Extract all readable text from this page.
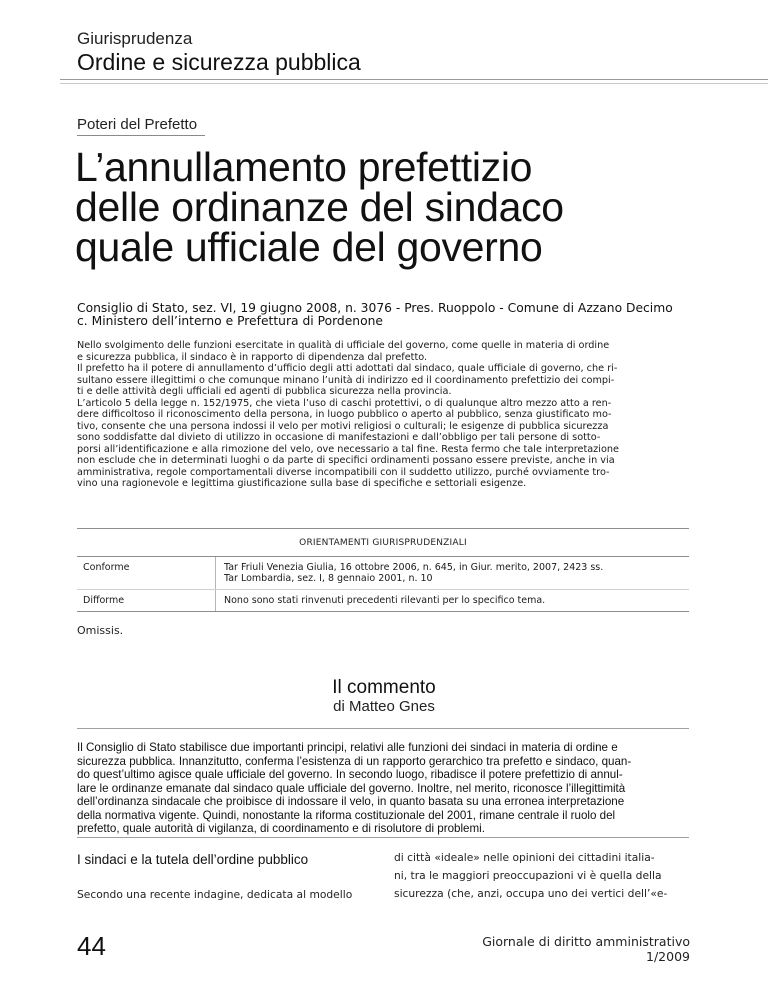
Giurisprudenza
Ordine e sicurezza pubblica
Poteri del Prefetto
L’annullamento prefettizio
delle ordinanze del sindaco
quale ufficiale del governo
Consiglio di Stato, sez. VI, 19 giugno 2008, n. 3076 - Pres. Ruoppolo - Comune di Azzano Decimo
c. Ministero dell’interno e Prefettura di Pordenone
Nello svolgimento delle funzioni esercitate in qualità di ufficiale del governo, come quelle in materia di ordine
e sicurezza pubblica, il sindaco è in rapporto di dipendenza dal prefetto.
Il prefetto ha il potere di annullamento d’ufficio degli atti adottati dal sindaco, quale ufficiale di governo, che ri-
sultano essere illegittimi o che comunque minano l’unità di indirizzo ed il coordinamento prefettizio dei compi-
ti e delle attività degli ufficiali ed agenti di pubblica sicurezza nella provincia.
L’articolo 5 della legge n. 152/1975, che vieta l’uso di caschi protettivi, o di qualunque altro mezzo atto a ren-
dere difficoltoso il riconoscimento della persona, in luogo pubblico o aperto al pubblico, senza giustificato mo-
tivo, consente che una persona indossi il velo per motivi religiosi o culturali; le esigenze di pubblica sicurezza
sono soddisfatte dal divieto di utilizzo in occasione di manifestazioni e dall’obbligo per tali persone di sotto-
porsi all’identificazione e alla rimozione del velo, ove necessario a tal fine. Resta fermo che tale interpretazione
non esclude che in determinati luoghi o da parte di specifici ordinamenti possano essere previste, anche in via
amministrativa, regole comportamentali diverse incompatibili con il suddetto utilizzo, purché ovviamente tro-
vino una ragionevole e legittima giustificazione sulla base di specifiche e settoriali esigenze.
ORIENTAMENTI GIURISPRUDENZIALI
Conforme	Tar Friuli Venezia Giulia, 16 ottobre 2006, n. 645, in Giur. merito, 2007, 2423 ss.
Tar Lombardia, sez. I, 8 gennaio 2001, n. 10
Difforme	Nono sono stati rinvenuti precedenti rilevanti per lo specifico tema.
Omissis.
Il commento
di Matteo Gnes
Il Consiglio di Stato stabilisce due importanti principi, relativi alle funzioni dei sindaci in materia di ordine e
sicurezza pubblica. Innanzitutto, conferma l’esistenza di un rapporto gerarchico tra prefetto e sindaco, quan-
do quest’ultimo agisce quale ufficiale del governo. In secondo luogo, ribadisce il potere prefettizio di annul-
lare le ordinanze emanate dal sindaco quale ufficiale del governo. Inoltre, nel merito, riconosce l’illegittimità
dell’ordinanza sindacale che proibisce di indossare il velo, in quanto basata su una erronea interpretazione
della normativa vigente. Quindi, nonostante la riforma costituzionale del 2001, rimane centrale il ruolo del
prefetto, quale autorità di vigilanza, di coordinamento e di risolutore di problemi.
I sindaci e la tutela dell’ordine pubblico
Secondo una recente indagine, dedicata al modello
di città «ideale» nelle opinioni dei cittadini italia-
ni, tra le maggiori preoccupazioni vi è quella della
sicurezza (che, anzi, occupa uno dei vertici dell’«e-
44	Giornale di diritto amministrativo 1/2009
